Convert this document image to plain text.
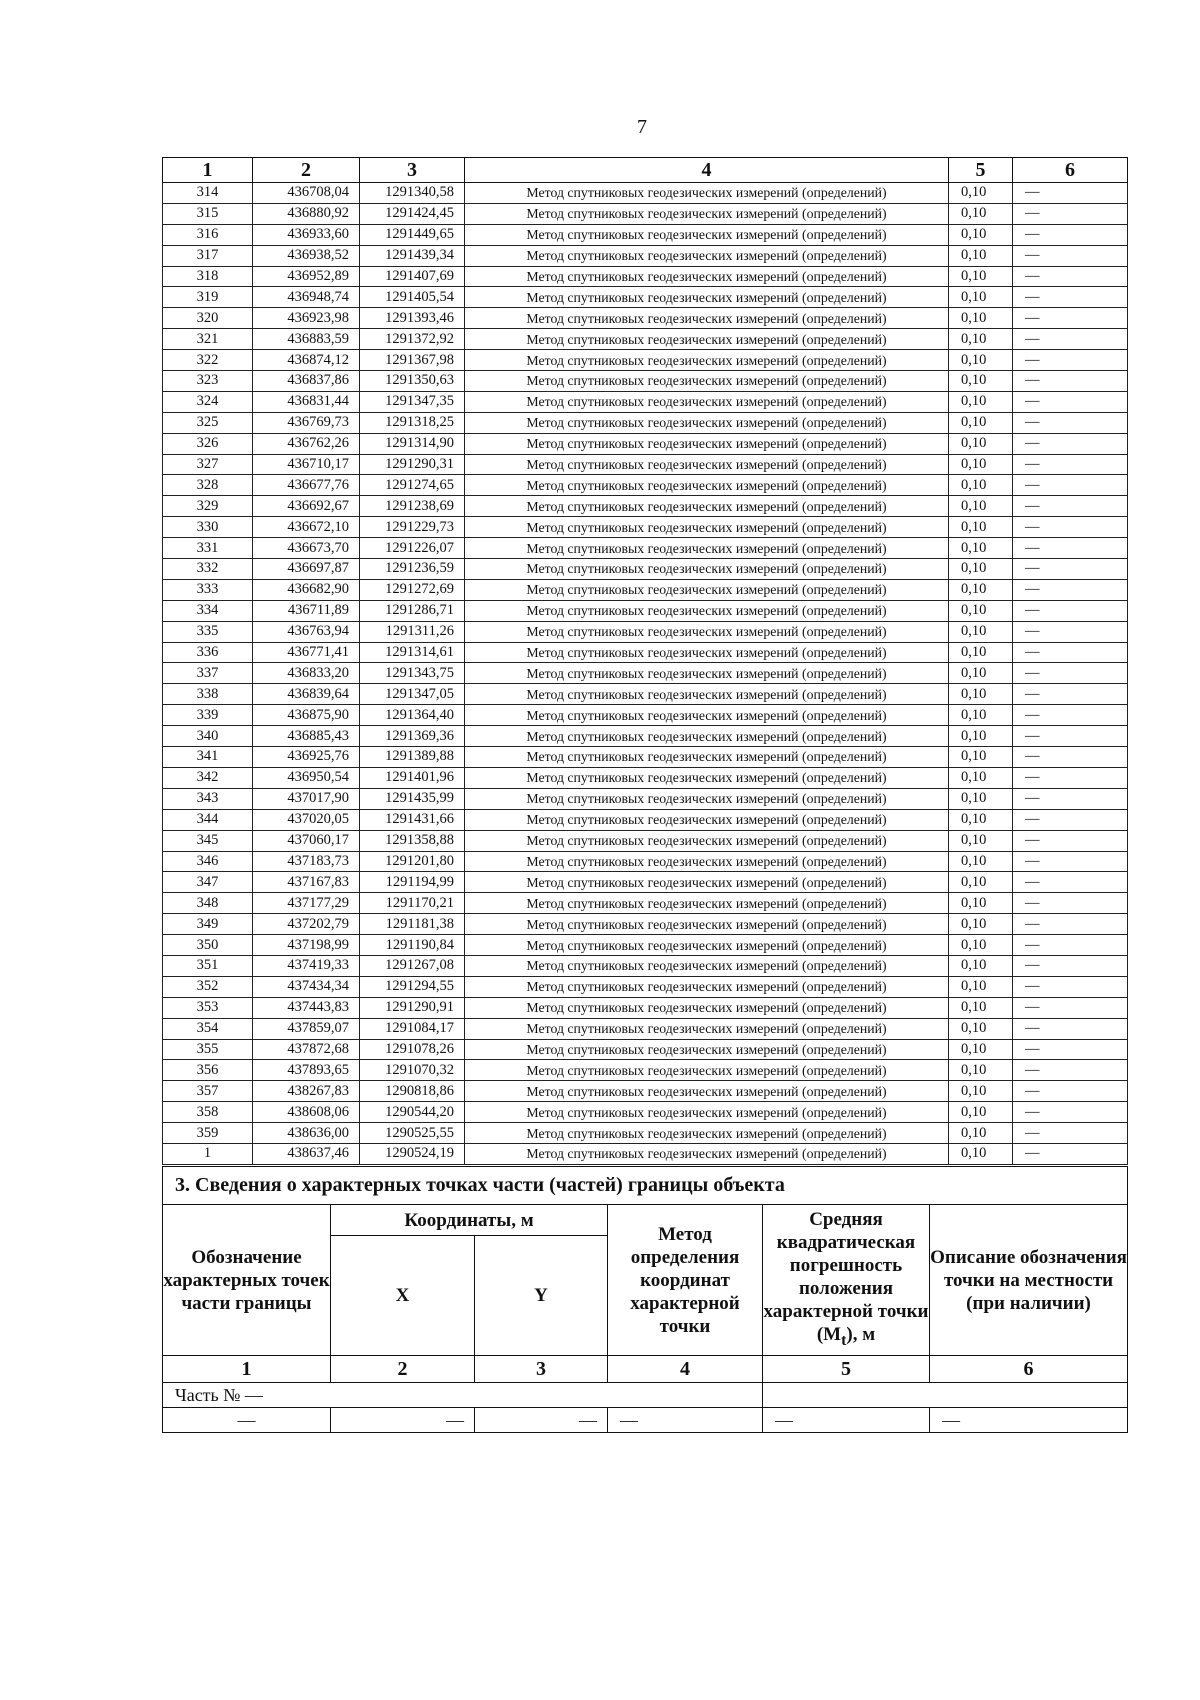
7
1	2	3	4	5	6
314	436708,04	1291340,58	Метод спутниковых геодезических измерений (определений)	0,10	—
315	436880,92	1291424,45	Метод спутниковых геодезических измерений (определений)	0,10	—
316	436933,60	1291449,65	Метод спутниковых геодезических измерений (определений)	0,10	—
317	436938,52	1291439,34	Метод спутниковых геодезических измерений (определений)	0,10	—
318	436952,89	1291407,69	Метод спутниковых геодезических измерений (определений)	0,10	—
319	436948,74	1291405,54	Метод спутниковых геодезических измерений (определений)	0,10	—
320	436923,98	1291393,46	Метод спутниковых геодезических измерений (определений)	0,10	—
321	436883,59	1291372,92	Метод спутниковых геодезических измерений (определений)	0,10	—
322	436874,12	1291367,98	Метод спутниковых геодезических измерений (определений)	0,10	—
323	436837,86	1291350,63	Метод спутниковых геодезических измерений (определений)	0,10	—
324	436831,44	1291347,35	Метод спутниковых геодезических измерений (определений)	0,10	—
325	436769,73	1291318,25	Метод спутниковых геодезических измерений (определений)	0,10	—
326	436762,26	1291314,90	Метод спутниковых геодезических измерений (определений)	0,10	—
327	436710,17	1291290,31	Метод спутниковых геодезических измерений (определений)	0,10	—
328	436677,76	1291274,65	Метод спутниковых геодезических измерений (определений)	0,10	—
329	436692,67	1291238,69	Метод спутниковых геодезических измерений (определений)	0,10	—
330	436672,10	1291229,73	Метод спутниковых геодезических измерений (определений)	0,10	—
331	436673,70	1291226,07	Метод спутниковых геодезических измерений (определений)	0,10	—
332	436697,87	1291236,59	Метод спутниковых геодезических измерений (определений)	0,10	—
333	436682,90	1291272,69	Метод спутниковых геодезических измерений (определений)	0,10	—
334	436711,89	1291286,71	Метод спутниковых геодезических измерений (определений)	0,10	—
335	436763,94	1291311,26	Метод спутниковых геодезических измерений (определений)	0,10	—
336	436771,41	1291314,61	Метод спутниковых геодезических измерений (определений)	0,10	—
337	436833,20	1291343,75	Метод спутниковых геодезических измерений (определений)	0,10	—
338	436839,64	1291347,05	Метод спутниковых геодезических измерений (определений)	0,10	—
339	436875,90	1291364,40	Метод спутниковых геодезических измерений (определений)	0,10	—
340	436885,43	1291369,36	Метод спутниковых геодезических измерений (определений)	0,10	—
341	436925,76	1291389,88	Метод спутниковых геодезических измерений (определений)	0,10	—
342	436950,54	1291401,96	Метод спутниковых геодезических измерений (определений)	0,10	—
343	437017,90	1291435,99	Метод спутниковых геодезических измерений (определений)	0,10	—
344	437020,05	1291431,66	Метод спутниковых геодезических измерений (определений)	0,10	—
345	437060,17	1291358,88	Метод спутниковых геодезических измерений (определений)	0,10	—
346	437183,73	1291201,80	Метод спутниковых геодезических измерений (определений)	0,10	—
347	437167,83	1291194,99	Метод спутниковых геодезических измерений (определений)	0,10	—
348	437177,29	1291170,21	Метод спутниковых геодезических измерений (определений)	0,10	—
349	437202,79	1291181,38	Метод спутниковых геодезических измерений (определений)	0,10	—
350	437198,99	1291190,84	Метод спутниковых геодезических измерений (определений)	0,10	—
351	437419,33	1291267,08	Метод спутниковых геодезических измерений (определений)	0,10	—
352	437434,34	1291294,55	Метод спутниковых геодезических измерений (определений)	0,10	—
353	437443,83	1291290,91	Метод спутниковых геодезических измерений (определений)	0,10	—
354	437859,07	1291084,17	Метод спутниковых геодезических измерений (определений)	0,10	—
355	437872,68	1291078,26	Метод спутниковых геодезических измерений (определений)	0,10	—
356	437893,65	1291070,32	Метод спутниковых геодезических измерений (определений)	0,10	—
357	438267,83	1290818,86	Метод спутниковых геодезических измерений (определений)	0,10	—
358	438608,06	1290544,20	Метод спутниковых геодезических измерений (определений)	0,10	—
359	438636,00	1290525,55	Метод спутниковых геодезических измерений (определений)	0,10	—
1	438637,46	1290524,19	Метод спутниковых геодезических измерений (определений)	0,10	—
3. Сведения о характерных точках части (частей) границы объекта					
Обозначение характерных точек части границы	Координаты, м		Метод определения координат характерной точки	Средняя квадратическая погрешность положения характерной точки $(M_t)$, м	Описание обозначения точки на местности (при наличии)
	X	Y			
1	2	3	4	5	6
Часть № —					
—	—	—	—	—	—
